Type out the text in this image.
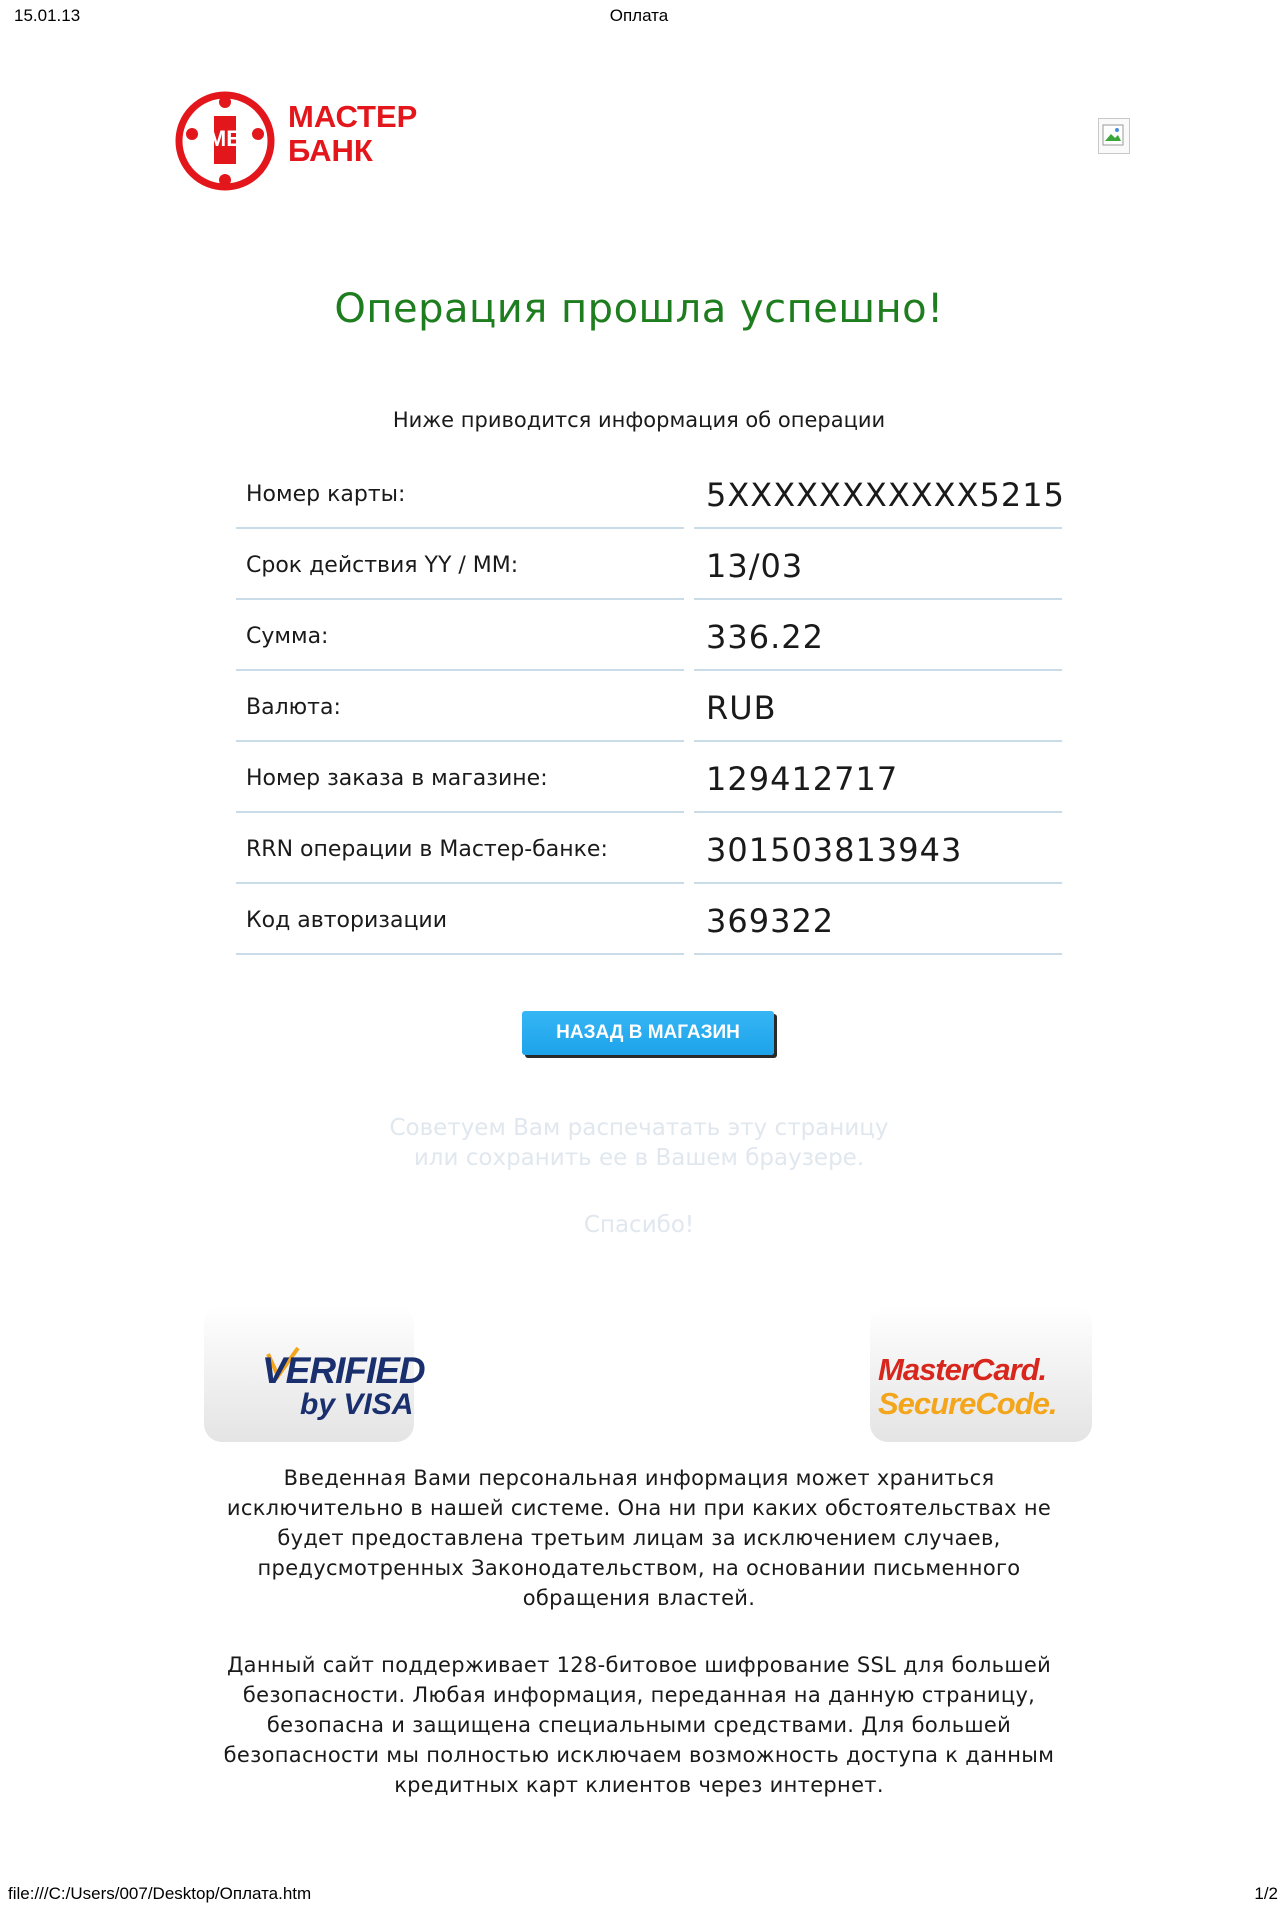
15.01.13	Оплата
МБ
МАСТЕР
БАНК
Операция прошла успешно!
Ниже приводится информация об операции
Номер карты:	5XXXXXXXXXXX5215
Срок действия YY / MM:	13/03
Сумма:	336.22
Валюта:	RUB
Номер заказа в магазине:	129412717
RRN операции в Мастер-банке:	301503813943
Код авторизации	369322
НАЗАД В МАГАЗИН
Советуем Вам распечатать эту страницу
или сохранить ее в Вашем браузере.
Спасибо!
VERIFIED
by VISA
MasterCard.
SecureCode.
Введенная Вами персональная информация может храниться исключительно в нашей системе. Она ни при каких обстоятельствах не будет предоставлена третьим лицам за исключением случаев, предусмотренных Законодательством, на основании письменного обращения властей.
Данный сайт поддерживает 128-битовое шифрование SSL для большей безопасности. Любая информация, переданная на данную страницу, безопасна и защищена специальными средствами. Для большей безопасности мы полностью исключаем возможность доступа к данным кредитных карт клиентов через интернет.
file:///C:/Users/007/Desktop/Оплата.htm	1/2
